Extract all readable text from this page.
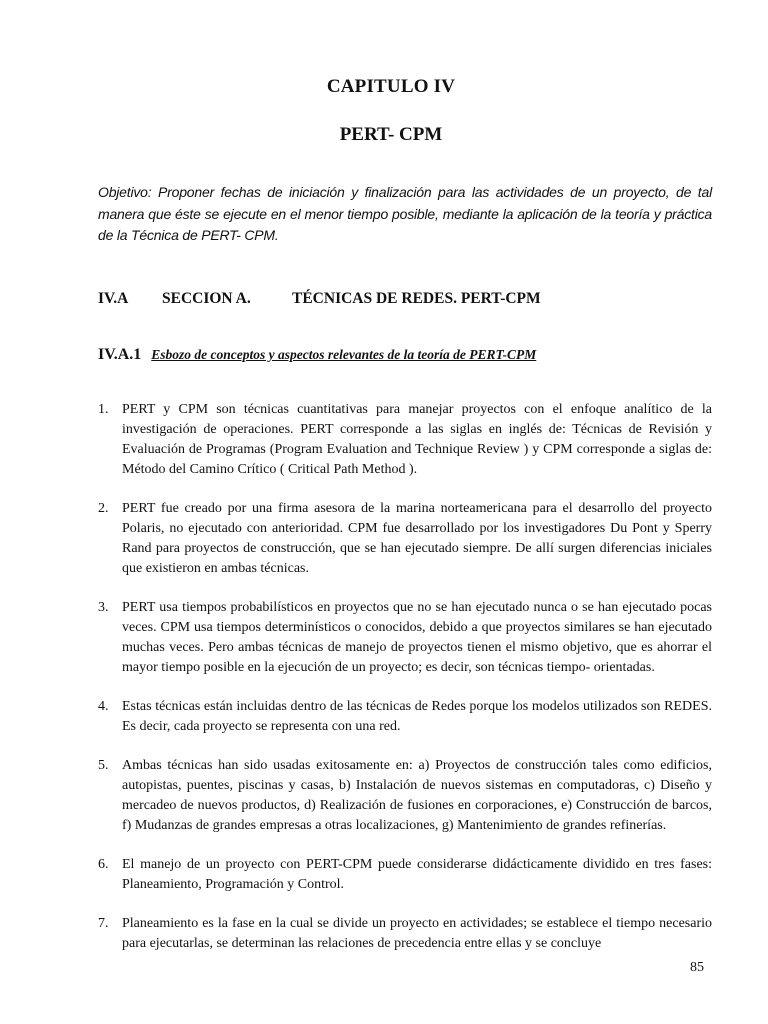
CAPITULO IV
PERT- CPM
Objetivo: Proponer fechas de iniciación y finalización para las actividades de un proyecto, de tal manera que éste se ejecute en el menor tiempo posible, mediante la aplicación de la teoría y práctica de la Técnica de PERT- CPM.
IV.A SECCION A.	TÉCNICAS DE REDES. PERT-CPM
IV.A.1 Esbozo de conceptos y aspectos relevantes de la teoría de PERT-CPM
1. PERT y CPM son técnicas cuantitativas para manejar proyectos con el enfoque analítico de la investigación de operaciones. PERT corresponde a las siglas en inglés de: Técnicas de Revisión y Evaluación de Programas (Program Evaluation and Technique Review ) y CPM corresponde a siglas de: Método del Camino Crítico ( Critical Path Method ).
2. PERT fue creado por una firma asesora de la marina norteamericana para el desarrollo del proyecto Polaris, no ejecutado con anterioridad. CPM fue desarrollado por los investigadores Du Pont y Sperry Rand para proyectos de construcción, que se han ejecutado siempre. De allí surgen diferencias iniciales que existieron en ambas técnicas.
3. PERT usa tiempos probabilísticos en proyectos que no se han ejecutado nunca o se han ejecutado pocas veces. CPM usa tiempos determinísticos o conocidos, debido a que proyectos similares se han ejecutado muchas veces. Pero ambas técnicas de manejo de proyectos tienen el mismo objetivo, que es ahorrar el mayor tiempo posible en la ejecución de un proyecto; es decir, son técnicas tiempo- orientadas.
4. Estas técnicas están incluidas dentro de las técnicas de Redes porque los modelos utilizados son REDES. Es decir, cada proyecto se representa con una red.
5. Ambas técnicas han sido usadas exitosamente en: a) Proyectos de construcción tales como edificios, autopistas, puentes, piscinas y casas, b) Instalación de nuevos sistemas en computadoras, c) Diseño y mercadeo de nuevos productos, d) Realización de fusiones en corporaciones, e) Construcción de barcos, f) Mudanzas de grandes empresas a otras localizaciones, g) Mantenimiento de grandes refinerías.
6. El manejo de un proyecto con PERT-CPM puede considerarse didácticamente dividido en tres fases: Planeamiento, Programación y Control.
7. Planeamiento es la fase en la cual se divide un proyecto en actividades; se establece el tiempo necesario para ejecutarlas, se determinan las relaciones de precedencia entre ellas y se concluye
85
